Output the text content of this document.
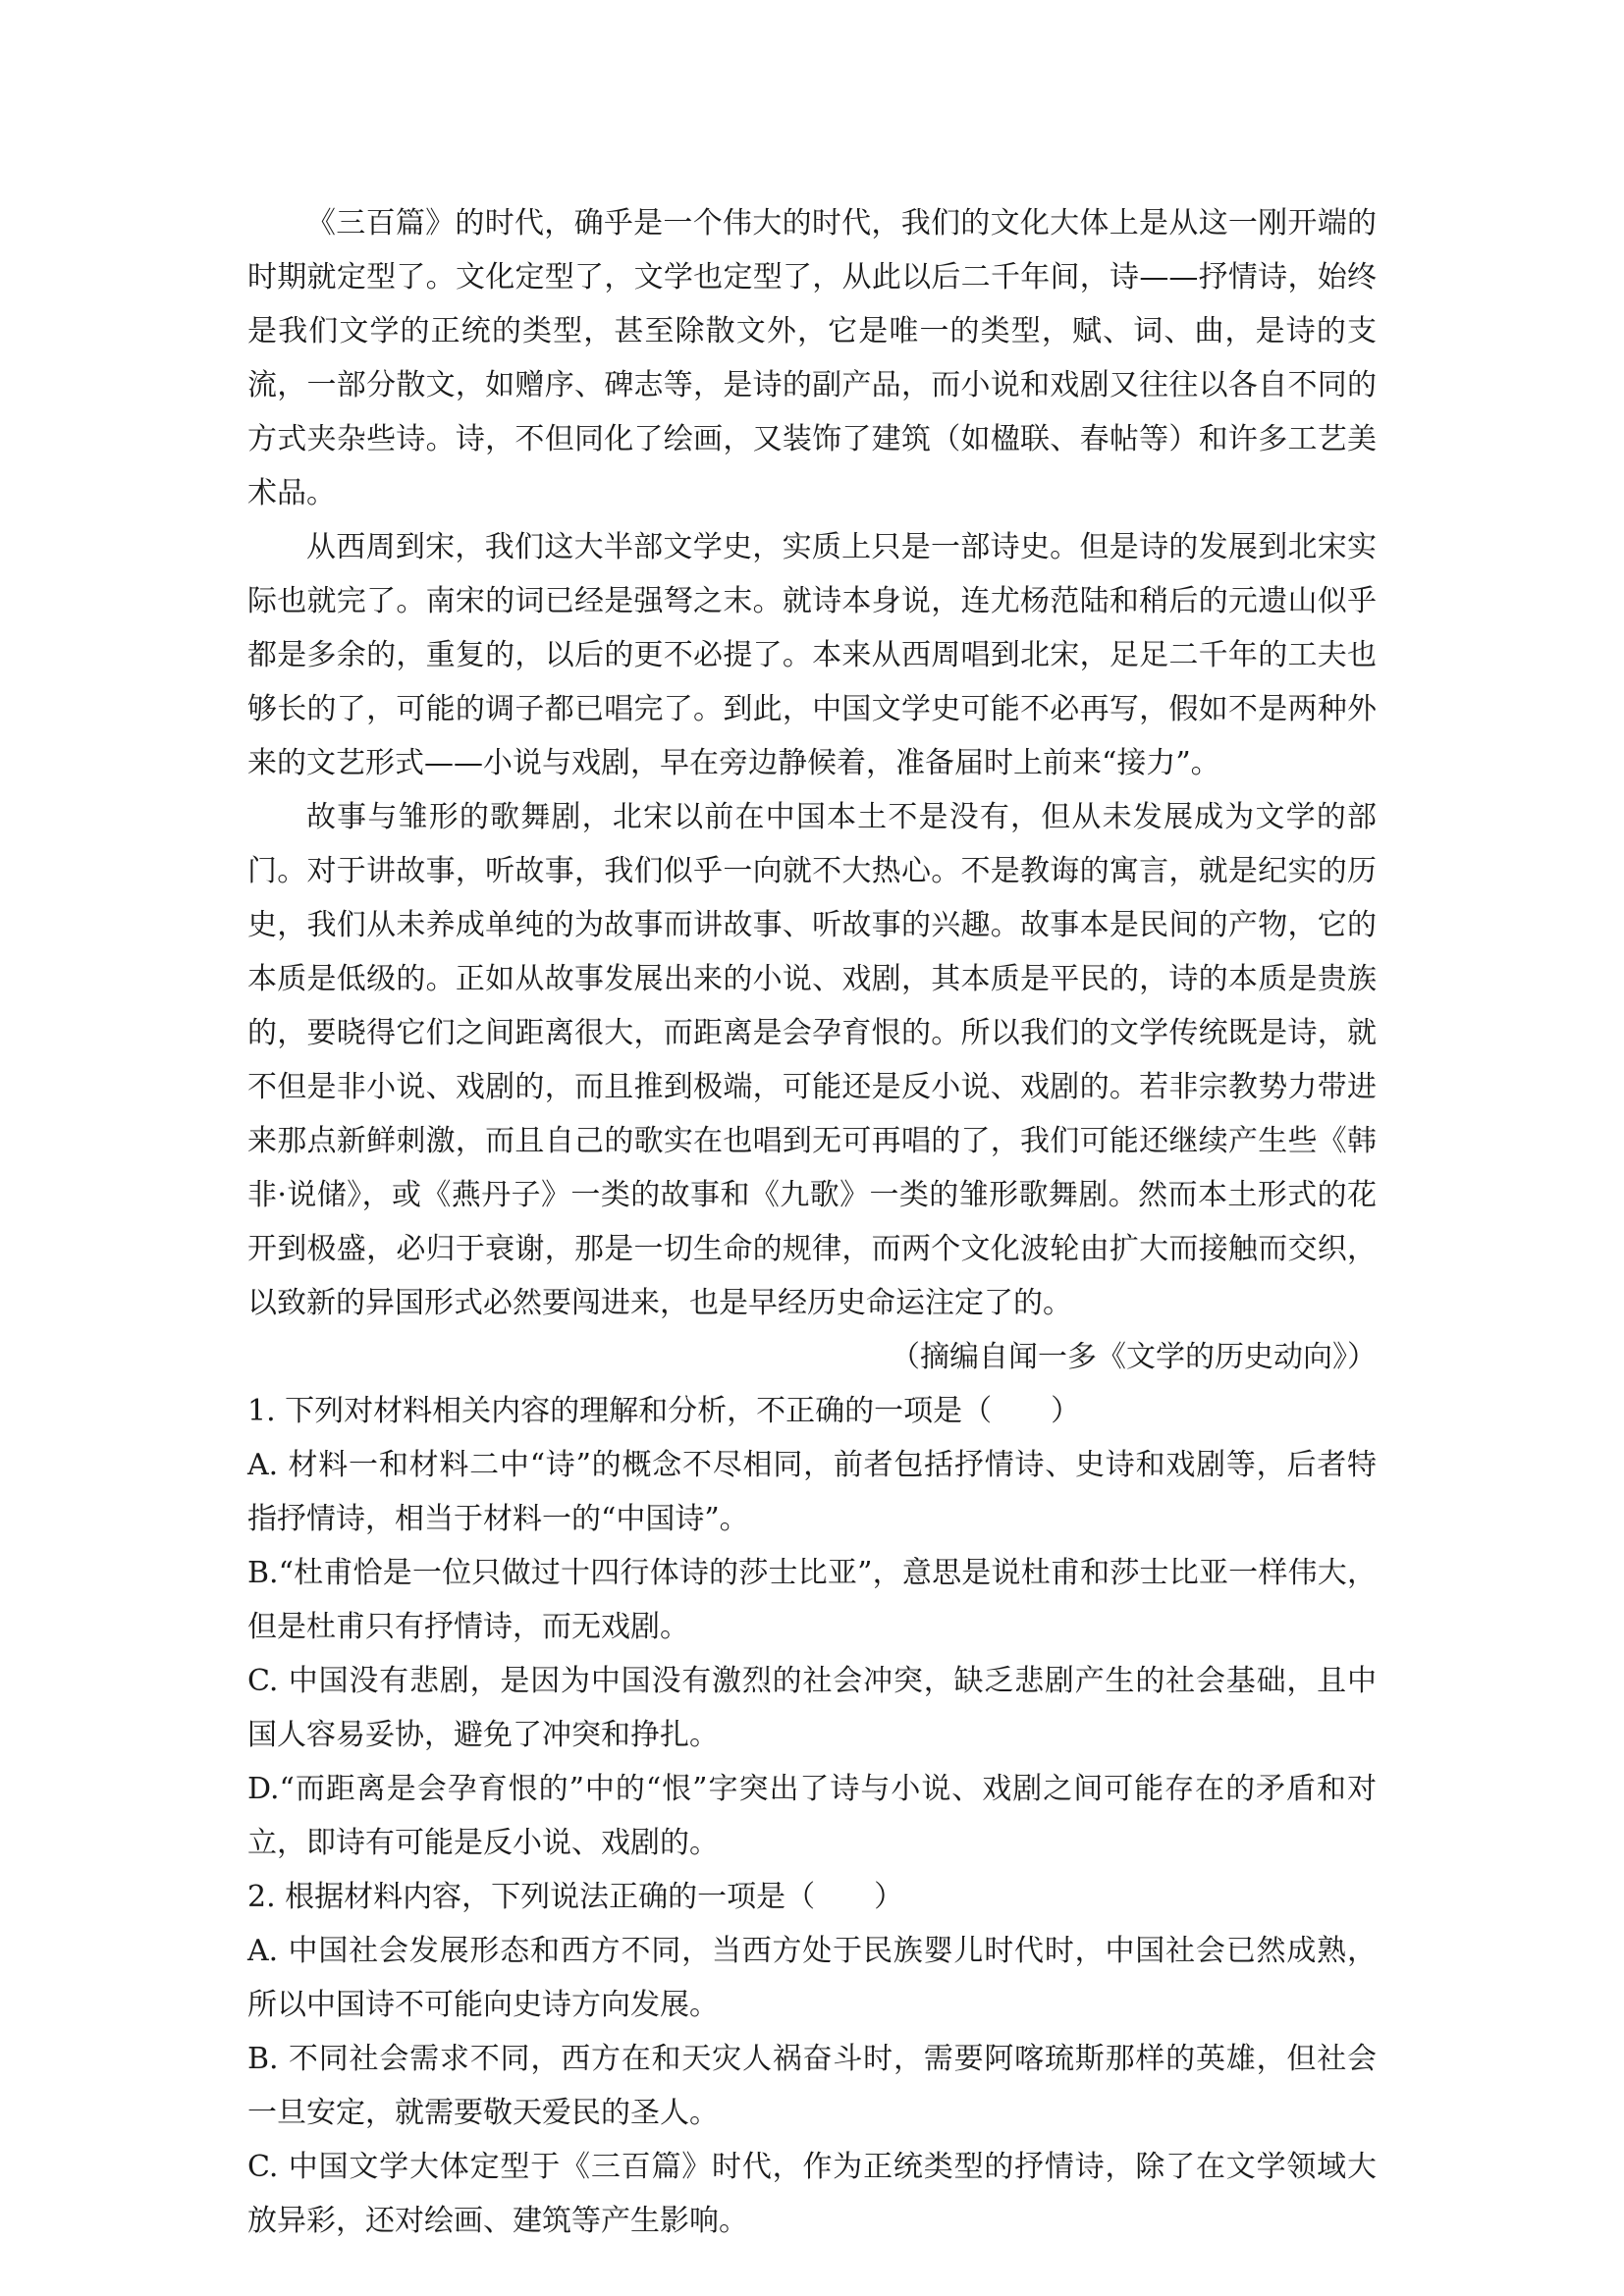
《三百篇》的时代，确乎是一个伟大的时代，我们的文化大体上是从这一刚开端的时期就定型了。文化定型了，文学也定型了，从此以后二千年间，诗——抒情诗，始终是我们文学的正统的类型，甚至除散文外，它是唯一的类型，赋、词、曲，是诗的支流，一部分散文，如赠序、碑志等，是诗的副产品，而小说和戏剧又往往以各自不同的方式夹杂些诗。诗，不但同化了绘画，又装饰了建筑（如楹联、春帖等）和许多工艺美术品。

从西周到宋，我们这大半部文学史，实质上只是一部诗史。但是诗的发展到北宋实际也就完了。南宋的词已经是强弩之末。就诗本身说，连尤杨范陆和稍后的元遗山似乎都是多余的，重复的，以后的更不必提了。本来从西周唱到北宋，足足二千年的工夫也够长的了，可能的调子都已唱完了。到此，中国文学史可能不必再写，假如不是两种外来的文艺形式——小说与戏剧，早在旁边静候着，准备届时上前来“接力”。

故事与雏形的歌舞剧，北宋以前在中国本土不是没有，但从未发展成为文学的部门。对于讲故事，听故事，我们似乎一向就不大热心。不是教诲的寓言，就是纪实的历史，我们从未养成单纯的为故事而讲故事、听故事的兴趣。故事本是民间的产物，它的本质是低级的。正如从故事发展出来的小说、戏剧，其本质是平民的，诗的本质是贵族的，要晓得它们之间距离很大，而距离是会孕育恨的。所以我们的文学传统既是诗，就不但是非小说、戏剧的，而且推到极端，可能还是反小说、戏剧的。若非宗教势力带进来那点新鲜刺激，而且自己的歌实在也唱到无可再唱的了，我们可能还继续产生些《韩非·说储》，或《燕丹子》一类的故事和《九歌》一类的雏形歌舞剧。然而本土形式的花开到极盛，必归于衰谢，那是一切生命的规律，而两个文化波轮由扩大而接触而交织，以致新的异国形式必然要闯进来，也是早经历史命运注定了的。

（摘编自闻一多《文学的历史动向》）

1. 下列对材料相关内容的理解和分析，不正确的一项是（　　）

A. 材料一和材料二中“诗”的概念不尽相同，前者包括抒情诗、史诗和戏剧等，后者特指抒情诗，相当于材料一的“中国诗”。

B.“杜甫恰是一位只做过十四行体诗的莎士比亚”，意思是说杜甫和莎士比亚一样伟大，但是杜甫只有抒情诗，而无戏剧。

C. 中国没有悲剧，是因为中国没有激烈的社会冲突，缺乏悲剧产生的社会基础，且中国人容易妥协，避免了冲突和挣扎。

D.“而距离是会孕育恨的”中的“恨”字突出了诗与小说、戏剧之间可能存在的矛盾和对立，即诗有可能是反小说、戏剧的。

2. 根据材料内容，下列说法正确的一项是（　　）

A. 中国社会发展形态和西方不同，当西方处于民族婴儿时代时，中国社会已然成熟，所以中国诗不可能向史诗方向发展。

B. 不同社会需求不同，西方在和天灾人祸奋斗时，需要阿喀琉斯那样的英雄，但社会一旦安定，就需要敬天爱民的圣人。

C. 中国文学大体定型于《三百篇》时代，作为正统类型的抒情诗，除了在文学领域大放异彩，还对绘画、建筑等产生影响。
